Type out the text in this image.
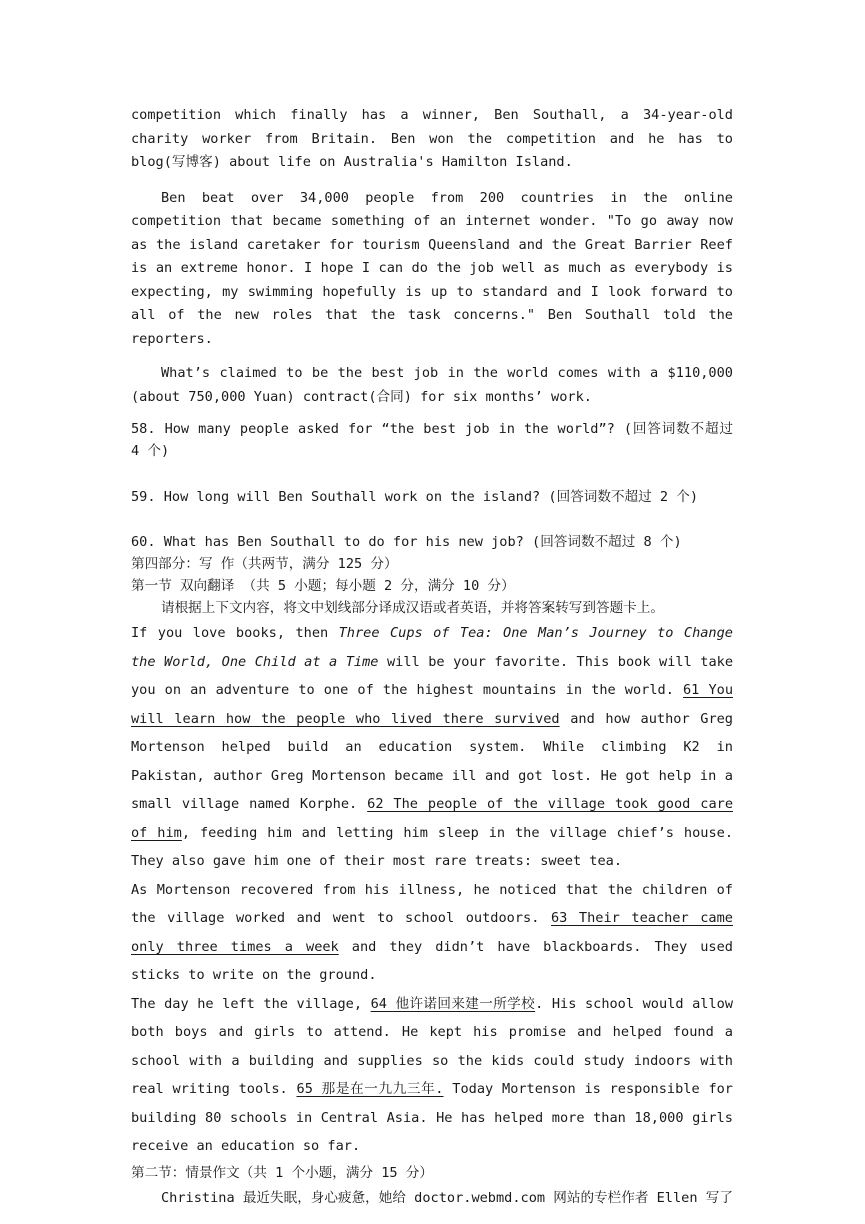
competition which finally has a winner, Ben Southall, a 34-year-old charity worker from Britain. Ben won the competition and he has to blog(写博客) about life on Australia's Hamilton Island.

Ben beat over 34,000 people from 200 countries in the online competition that became something of an internet wonder. "To go away now as the island caretaker for tourism Queensland and the Great Barrier Reef is an extreme honor. I hope I can do the job well as much as everybody is expecting, my swimming hopefully is up to standard and I look forward to all of the new roles that the task concerns." Ben Southall told the reporters.

What’s claimed to be the best job in the world comes with a $110,000 (about 750,000 Yuan) contract(合同) for six months’ work.

58. How many people asked for “the best job in the world”? (回答词数不超过 4 个)

59. How long will Ben Southall work on the island? (回答词数不超过 2 个)

60. What has Ben Southall to do for his new job? (回答词数不超过 8 个)

第四部分：写 作（共两节，满分 125 分）

第一节 双向翻译 （共 5 小题；每小题 2 分，满分 10 分）

请根据上下文内容，将文中划线部分译成汉语或者英语，并将答案转写到答题卡上。

If you love books, then Three Cups of Tea: One Man’s Journey to Change the World, One Child at a Time will be your favorite. This book will take you on an adventure to one of the highest mountains in the world. 61 You will learn how the people who lived there survived and how author Greg Mortenson helped build an education system. While climbing K2 in Pakistan, author Greg Mortenson became ill and got lost. He got help in a small village named Korphe. 62 The people of the village took good care of him, feeding him and letting him sleep in the village chief’s house. They also gave him one of their most rare treats: sweet tea.

As Mortenson recovered from his illness, he noticed that the children of the village worked and went to school outdoors. 63 Their teacher came only three times a week and they didn’t have blackboards. They used sticks to write on the ground.

The day he left the village, 64 他许诺回来建一所学校. His school would allow both boys and girls to attend. He kept his promise and helped found a school with a building and supplies so the kids could study indoors with real writing tools. 65 那是在一九九三年. Today Mortenson is responsible for building 80 schools in Central Asia. He has helped more than 18,000 girls receive an education so far.

第二节：情景作文（共 1 个小题，满分 15 分）

Christina 最近失眠，身心疲惫，她给 doctor.webmd.com 网站的专栏作者 Ellen 写了
